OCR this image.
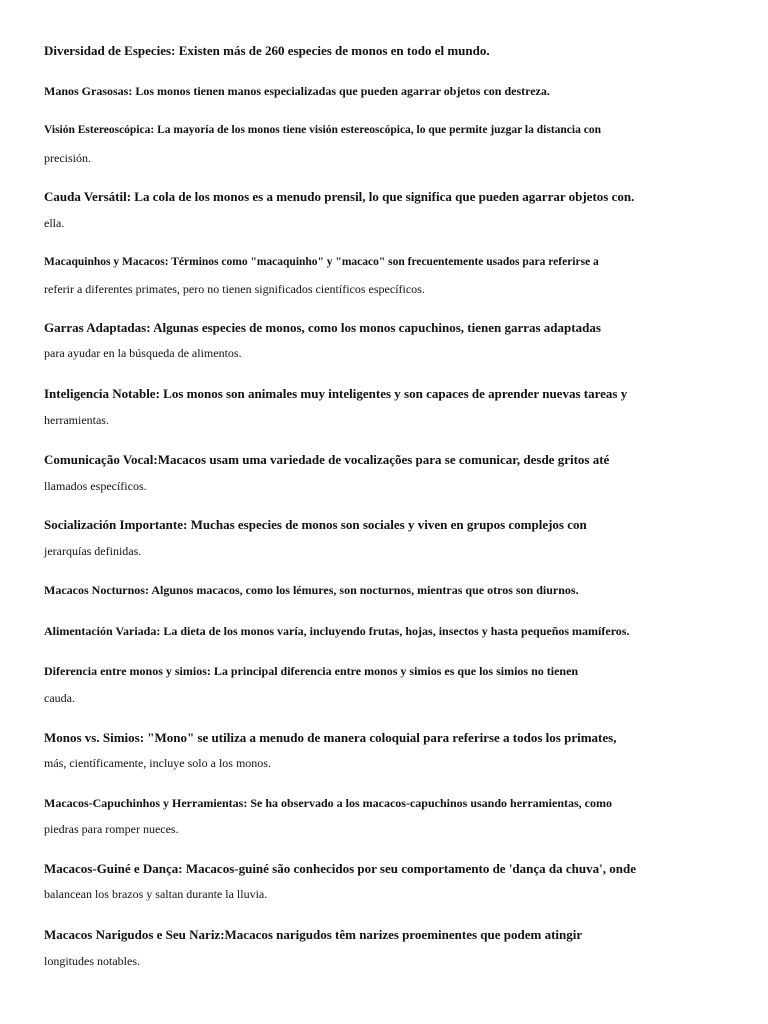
Diversidad de Especies: Existen más de 260 especies de monos en todo el mundo.
Manos Grasosas: Los monos tienen manos especializadas que pueden agarrar objetos con destreza.
Visión Estereoscópica: La mayoría de los monos tiene visión estereoscópica, lo que permite juzgar la distancia con
precisión.
Cauda Versátil: La cola de los monos es a menudo prensil, lo que significa que pueden agarrar objetos con.
ella.
Macaquinhos y Macacos: Términos como "macaquinho" y "macaco" son frecuentemente usados para referirse a
referir a diferentes primates, pero no tienen significados científicos específicos.
Garras Adaptadas: Algunas especies de monos, como los monos capuchinos, tienen garras adaptadas
para ayudar en la búsqueda de alimentos.
Inteligencia Notable: Los monos son animales muy inteligentes y son capaces de aprender nuevas tareas y
herramientas.
Comunicação Vocal:Macacos usam uma variedade de vocalizações para se comunicar, desde gritos até
llamados específicos.
Socialización Importante: Muchas especies de monos son sociales y viven en grupos complejos con
jerarquías definidas.
Macacos Nocturnos: Algunos macacos, como los lémures, son nocturnos, mientras que otros son diurnos.
Alimentación Variada: La dieta de los monos varía, incluyendo frutas, hojas, insectos y hasta pequeños mamíferos.
Diferencia entre monos y simios: La principal diferencia entre monos y simios es que los simios no tienen
cauda.
Monos vs. Simios: "Mono" se utiliza a menudo de manera coloquial para referirse a todos los primates,
más, científicamente, incluye solo a los monos.
Macacos-Capuchinhos y Herramientas: Se ha observado a los macacos-capuchinos usando herramientas, como
piedras para romper nueces.
Macacos-Guiné e Dança: Macacos-guiné são conhecidos por seu comportamento de 'dança da chuva', onde
balancean los brazos y saltan durante la lluvia.
Macacos Narigudos e Seu Nariz:Macacos narigudos têm narizes proeminentes que podem atingir
longitudes notables.
